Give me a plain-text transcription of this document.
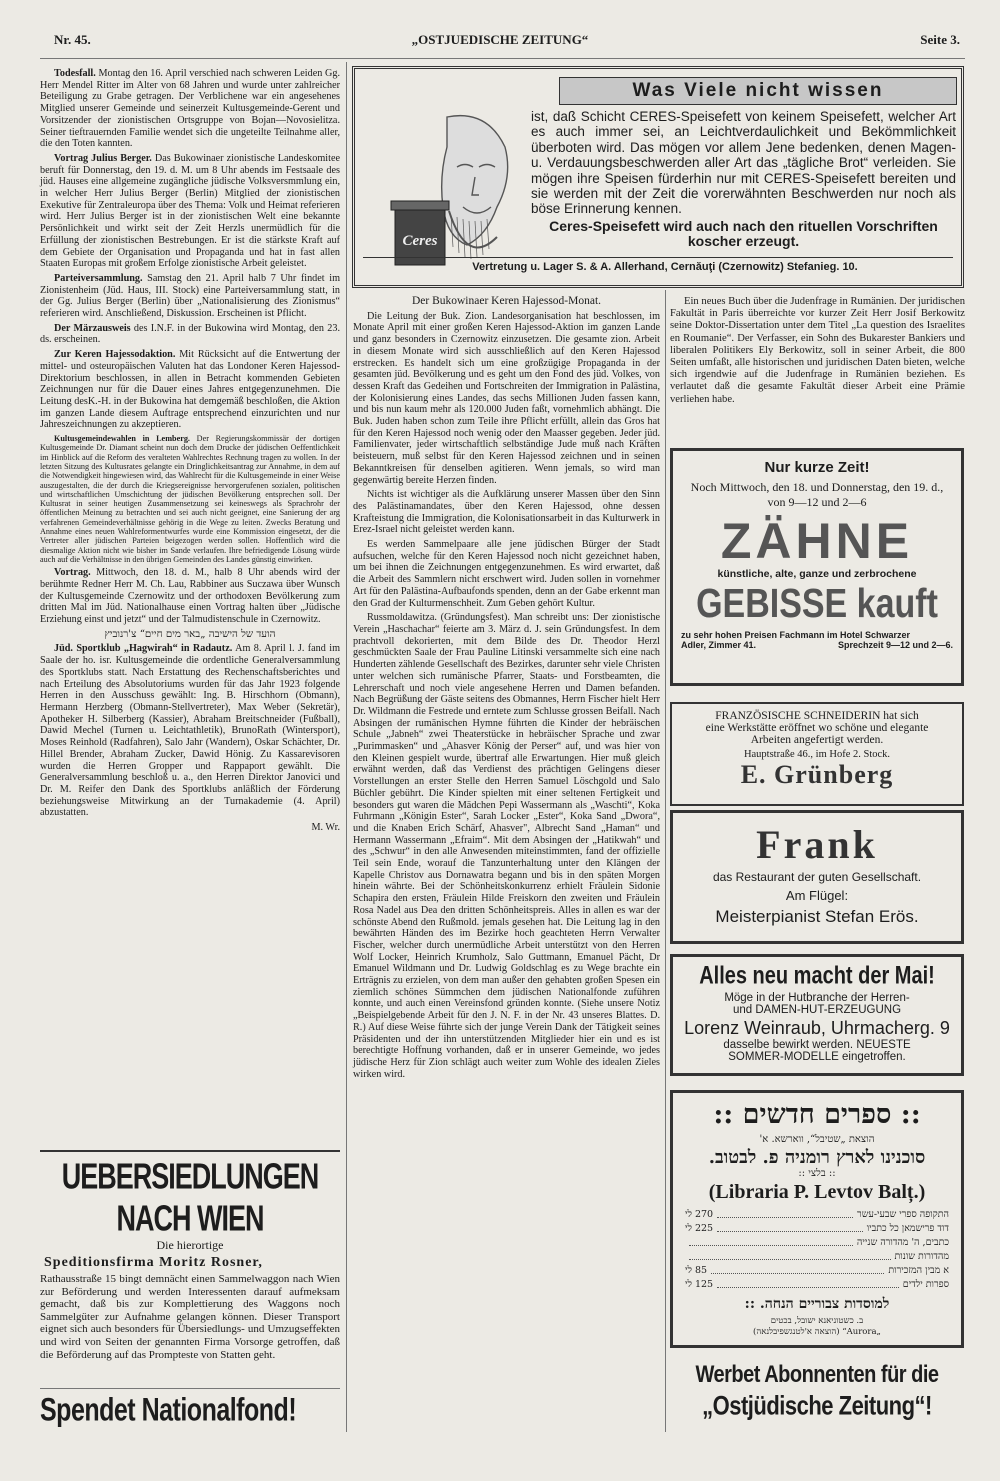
Nr. 45.	„OSTJUEDISCHE ZEITUNG“	Seite 3.

Todesfall. Montag den 16. April verschied nach schweren Leiden Gg. Herr Mendel Ritter im Alter von 68 Jahren und wurde unter zahlreicher Beteiligung zu Grabe getragen. Der Verblichene war ein angesehenes Mitglied unserer Gemeinde und seinerzeit Kultusgemeinde-Gerent und Vorsitzender der zionistischen Ortsgruppe von Bojan—Novosielitza. Seiner tieftrauernden Familie wendet sich die ungeteilte Teilnahme aller, die den Toten kannten.

Vortrag Julius Berger. Das Bukowinaer zionistische Landeskomitee beruft für Donnerstag, den 19. d. M. um 8 Uhr abends im Festsaale des jüd. Hauses eine allgemeine zugängliche jüdische Volksversmmlung ein, in welcher Herr Julius Berger (Berlin) Mitglied der zionistischen Exekutive für Zentraleuropa über des Thema: Volk und Heimat referieren wird. Herr Julius Berger ist in der zionistischen Welt eine bekannte Persönlichkeit und wirkt seit der Zeit Herzls unermüdlich für die Erfüllung der zionistischen Bestrebungen. Er ist die stärkste Kraft auf dem Gebiete der Organisation und Propaganda und hat in fast allen Staaten Europas mit großem Erfolge zionistische Arbeit geleistet.

Parteiversammlung. Samstag den 21. April halb 7 Uhr findet im Zionistenheim (Jüd. Haus, III. Stock) eine Parteiversammlung statt, in der Gg. Julius Berger (Berlin) über „Nationalisierung des Zionismus“ referieren wird. Anschließend, Diskussion. Erscheinen ist Pflicht.

Der Märzausweis des I.N.F. in der Bukowina wird Montag, den 23. ds. erscheinen.

Zur Keren Hajessodaktion. Mit Rücksicht auf die Entwertung der mittel- und osteuropäischen Valuten hat das Londoner Keren Hajessod-Direktorium beschlossen, in allen in Betracht kommenden Gebieten Zeichnungen nur für die Dauer eines Jahres entgegenzunehmen. Die Leitung desK.-H. in der Bukowina hat demgemäß beschloßen, die Aktion im ganzen Lande diesem Auftrage entsprechend einzurichten und nur Jahreszeichnungen zu akzeptieren.

Kultusgemeindewahlen in Lemberg. Der Regierungskommissär der dortigen Kultusgemeinde Dr. Diamant scheint nun doch dem Drucke der jüdischen Oeffentlichkeit im Hinblick auf die Reform des veralteten Wahlrechtes Rechnung tragen zu wollen. In der letzten Sitzung des Kultusrates gelangte ein Dringlichkeitsantrag zur Annahme, in dem auf die Notwendigkeit hingewiesen wird, das Wahlrecht für die Kultusgemeinde in einer Weise auszugestalten, die der durch die Kriegsereignisse hervorgerufenen sozialen, politischen und wirtschaftlichen Umschichtung der jüdischen Bevölkerung entsprechen soll. Der Kultusrat in seiner heutigen Zusammensetzung sei keineswegs als Sprachrohr der öffentlichen Meinung zu betrachten und sei auch nicht geeignet, eine Sanierung der arg verfahrenen Gemeindeverhältnisse gehörig in die Wege zu leiten. Zwecks Beratung und Annahme eines neuen Wahlreformentwurfes wurde eine Kommission eingesetzt, der die Vertreter aller jüdischen Parteien beigezogen werden sollen. Hoffentlich wird die diesmalige Aktion nicht wie bisher im Sande verlaufen. Ihre befriedigende Lösung würde auch auf die Verhältnisse in den übrigen Gemeinden des Landes günstig einwirken.

Vortrag. Mittwoch, den 18. d. M., halb 8 Uhr abends wird der berühmte Redner Herr M. Ch. Lau, Rabbiner aus Suczawa über Wunsch der Kultusgemeinde Czernowitz und der orthodoxen Bevölkerung zum dritten Mal im Jüd. Nationalhause einen Vortrag halten über „Jüdische Erziehung einst und jetzt“ und der Talmudistenschule in Czernowitz.

הועד של הישיבה „באר מים חיים“ צ'רנוביץ

Jüd. Sportklub „Hagwirah“ in Radautz. Am 8. April l. J. fand im Saale der ho. isr. Kultusgemeinde die ordentliche Generalversammlung des Sportklubs statt. Nach Erstattung des Rechenschaftsberichtes und nach Erteilung des Absolutoriums wurden für das Jahr 1923 folgende Herren in den Ausschuss gewählt: Ing. B. Hirschhorn (Obmann), Hermann Herzberg (Obmann-Stellvertreter), Max Weber (Sekretär), Apotheker H. Silberberg (Kassier), Abraham Breitschneider (Fußball), Dawid Mechel (Turnen u. Leichtathletik), BrunoRath (Wintersport), Moses Reinhold (Radfahren), Salo Jahr (Wandern), Oskar Schächter, Dr. Hillel Brender, Abraham Zucker, Dawid Hönig. Zu Kassarevisoren wurden die Herren Gropper und Rappaport gewählt. Die Generalversammlung beschloß u. a., den Herren Direktor Janovici und Dr. M. Reifer den Dank des Sportklubs anläßlich der Förderung beziehungsweise Mitwirkung an der Turnakademie (4. April) abzustatten.

M. Wr.

UEBERSIEDLUNGEN NACH WIEN
Die hierortige
Speditionsfirma Moritz Rosner,
Rathausstraße 15 bingt demnächt einen Sammelwaggon nach Wien zur Beförderung und werden Interessenten darauf aufmeksam gemacht, daß bis zur Komplettierung des Waggons noch Sammelgüter zur Aufnahme gelangen können. Dieser Transport eignet sich auch besonders für Übersiedlungs- und Umzugseffekten und wird von Seiten der genannten Firma Vorsorge getroffen, daß die Beförderung auf das Prompteste von Statten geht.
Spendet Nationalfond!
Was Viele nicht wissen
Ceres
ist, daß Schicht CERES-Speisefett von keinem Speisefett, welcher Art es auch immer sei, an Leichtverdaulichkeit und Bekömmlichkeit überboten wird. Das mögen vor allem Jene bedenken, denen Magen-u. Verdauungsbeschwerden aller Art das „tägliche Brot“ verleiden. Sie mögen ihre Speisen fürderhin nur mit CERES-Speisefett bereiten und sie werden mit der Zeit die vorerwähnten Beschwerden nur noch als böse Erinnerung kennen.
Ceres-Speisefett wird auch nach den rituellen Vorschriften koscher erzeugt.
Vertretung u. Lager S. & A. Allerhand, Cernăuţi (Czernowitz) Stefanieg. 10.
Der Bukowinaer Keren Hajessod-Monat.

Die Leitung der Buk. Zion. Landesorganisation hat beschlossen, im Monate April mit einer großen Keren Hajessod-Aktion im ganzen Lande und ganz besonders in Czernowitz einzusetzen. Die gesamte zion. Arbeit in diesem Monate wird sich ausschließlich auf den Keren Hajessod erstrecken. Es handelt sich um eine großzügige Propaganda in der gesamten jüd. Bevölkerung und es geht um den Fond des jüd. Volkes, von dessen Kraft das Gedeihen und Fortschreiten der Immigration in Palästina, der Kolonisierung eines Landes, das sechs Millionen Juden fassen kann, und bis nun kaum mehr als 120.000 Juden faßt, vornehmlich abhängt. Die Buk. Juden haben schon zum Teile ihre Pflicht erfüllt, allein das Gros hat für den Keren Hajessod noch wenig oder den Maasser gegeben. Jeder jüd. Familienvater, jeder wirtschaftlich selbständige Jude muß nach Kräften beisteuern, muß selbst für den Keren Hajessod zeichnen und in seinen Bekanntkreisen für denselben agitieren. Wenn jemals, so wird man gegenwärtig bereite Herzen finden.

Nichts ist wichtiger als die Aufklärung unserer Massen über den Sinn des Palästinamandates, über den Keren Hajessod, ohne dessen Krafteistung die Immigration, die Kolonisationsarbeit in das Kulturwerk in Erez-Israel nicht geleistet werden kann.

Es werden Sammelpaare alle jene jüdischen Bürger der Stadt aufsuchen, welche für den Keren Hajessod noch nicht gezeichnet haben, um bei ihnen die Zeichnungen entgegenzunehmen. Es wird erwartet, daß die Arbeit des Sammlern nicht erschwert wird. Juden sollen in vornehmer Art für den Palästina-Aufbaufonds spenden, denn an der Gabe erkennt man den Grad der Kulturmenschheit. Zum Geben gehört Kultur.

Russmoldawitza. (Gründungsfest). Man schreibt uns: Der zionistische Verein „Haschachar“ feierte am 3. März d. J. sein Gründungsfest. In dem prachtvoll dekorierten, mit dem Bilde des Dr. Theodor Herzl geschmückten Saale der Frau Pauline Litinski versammelte sich eine nach Hunderten zählende Gesellschaft des Bezirkes, darunter sehr viele Christen unter welchen sich rumänische Pfarrer, Staats- und Forstbeamten, die Lehrerschaft und noch viele angesehene Herren und Damen befanden. Nach Begrüßung der Gäste seitens des Obmannes, Herrn Fischer hielt Herr Dr. Wildmann die Festrede und erntete zum Schlusse grossen Beifall. Nach Absingen der rumänischen Hymne führten die Kinder der hebräischen Schule „Jabneh“ zwei Theaterstücke in hebräischer Sprache und zwar „Purimmasken“ und „Ahasver König der Perser“ auf, und was hier von den Kleinen gespielt wurde, übertraf alle Erwartungen. Hier muß gleich erwähnt werden, daß das Verdienst des prächtigen Gelingens dieser Vorstellungen an erster Stelle den Herren Samuel Löschgold und Salo Büchler gebührt. Die Kinder spielten mit einer seltenen Fertigkeit und besonders gut waren die Mädchen Pepi Wassermann als „Waschti“, Koka Fuhrmann „Königin Ester“, Sarah Locker „Ester“, Koka Sand „Dwora“, und die Knaben Erich Schärf, Ahasver", Albrecht Sand „Haman“ und Hermann Wassermann „Efraim“. Mit dem Absingen der „Hatikwah“ und des „Schwur“ in den alle Anwesenden miteinstimmten, fand der offizielle Teil sein Ende, worauf die Tanzunterhaltung unter den Klängen der Kapelle Christov aus Dornawatra begann und bis in den späten Morgen hinein währte. Bei der Schönheitskonkurrenz erhielt Fräulein Sidonie Schapira den ersten, Fräulein Hilde Freiskorn den zweiten und Fräulein Rosa Nadel aus Dea den dritten Schönheitspreis. Alles in allen es war der schönste Abend den Rußmold. jemals gesehen hat. Die Leitung lag in den bewährten Händen des im Bezirke hoch geachteten Herrn Verwalter Fischer, welcher durch unermüdliche Arbeit unterstützt von den Herren Wolf Locker, Heinrich Krumholz, Salo Guttmann, Emanuel Pächt, Dr Emanuel Wildmann und Dr. Ludwig Goldschlag es zu Wege brachte ein Erträgnis zu erzielen, von dem man außer den gehabten großen Spesen ein ziemlich schönes Sümmchen dem jüdischen Nationalfonde zuführen konnte, und auch einen Vereinsfond gründen konnte. (Siehe unsere Notiz „Beispielgebende Arbeit für den J. N. F. in der Nr. 43 unseres Blattes. D. R.) Auf diese Weise führte sich der junge Verein Dank der Tätigkeit seines Präsidenten und der ihn unterstützenden Mitglieder hier ein und es ist berechtigte Hoffnung vorhanden, daß er in unserer Gemeinde, wo jedes jüdische Herz für Zion schlägt auch weiter zum Wohle des idealen Zieles wirken wird.

Ein neues Buch über die Judenfrage in Rumänien. Der juridischen Fakultät in Paris überreichte vor kurzer Zeit Herr Josif Berkowitz seine Doktor-Dissertation unter dem Titel „La question des Israelites en Roumanie“. Der Verfasser, ein Sohn des Bukarester Bankiers und liberalen Politikers Ely Berkowitz, soll in seiner Arbeit, die 800 Seiten umfaßt, alle historischen und juridischen Daten bieten, welche sich irgendwie auf die Judenfrage in Rumänien beziehen. Es verlautet daß die gesamte Fakultät dieser Arbeit eine Prämie verliehen habe.

Nur kurze Zeit!
Noch Mittwoch, den 18. und Donnerstag, den 19. d., von 9—12 und 2—6
ZÄHNE
künstliche, alte, ganze und zerbrochene
GEBISSE kauft
zu sehr hohen Preisen Fachmann im Hotel Schwarzer
Adler, Zimmer 41.	Sprechzeit 9—12 und 2—6.
FRANZÖSISCHE SCHNEIDERIN hat sich
eine Werkstätte eröffnet wo schöne und elegante
Arbeiten angefertigt werden.
Hauptstraße 46., im Hofe 2. Stock.
E. Grünberg
Frank
das Restaurant der guten Gesellschaft.
Am Flügel:
Meisterpianist Stefan Erös.
Alles neu macht der Mai!
Möge in der Hutbranche der Herren-
und DAMEN-HUT-ERZEUGUNG
Lorenz Weinraub, Uhrmacherg. 9
dasselbe bewirkt werden. NEUESTE
SOMMER-MODELLE eingetroffen.
:: ספרים חדשים ::
הוצאת „שטיבל“, ווארשא. א'
סוכנינו לארץ רומניה פ. לבטוב.
:: בלצי ::
(Libraria P. Levtov Balț.)
270 לי	התקופה ספרי שבעי-עשר
225 לי	דוד פרישמאן כל כתביו
כתבים, ה' מהדורה שנייה
מהדורות שונות
85 לי	א מבין המזכירות
125 לי	ספרות ילדים
למוסדות צבוריים הנחה. ::
ב. כשטוניאנא ישובל, בכטים
„Aurora“ (הוצאה א'לטנגשפיבלנאה)
Werbet Abonnenten für die
„Ostjüdische Zeitung“!
